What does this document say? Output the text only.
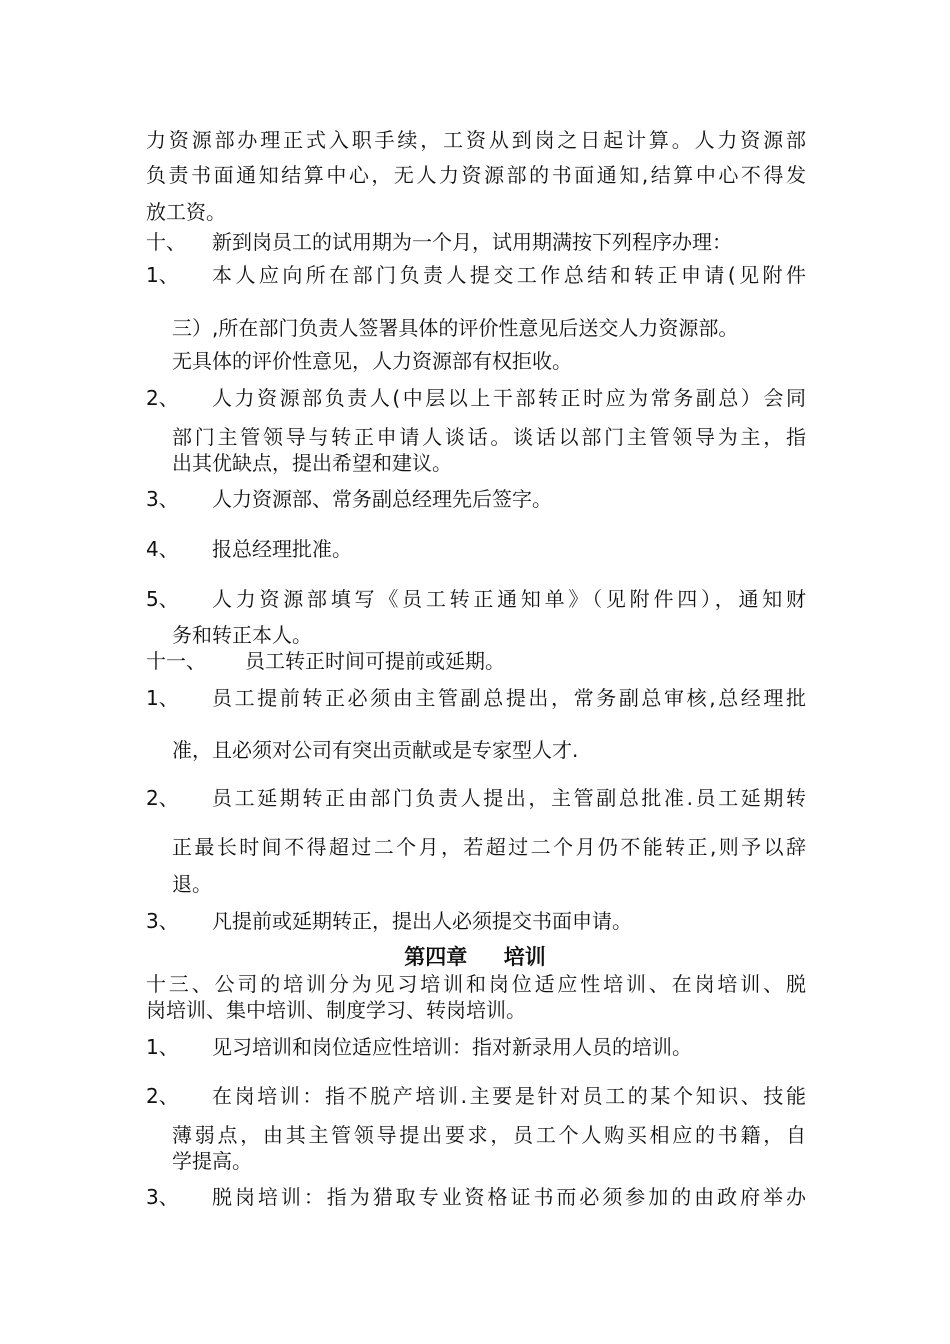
力资源部办理正式入职手续，工资从到岗之日起计算。人力资源部
负责书面通知结算中心，无人力资源部的书面通知,结算中心不得发
放工资。
十、 新到岗员工的试用期为一个月，试用期满按下列程序办理：
1、 本人应向所在部门负责人提交工作总结和转正申请(见附件
三）,所在部门负责人签署具体的评价性意见后送交人力资源部。
无具体的评价性意见，人力资源部有权拒收。
2、 人力资源部负责人(中层以上干部转正时应为常务副总）会同
部门主管领导与转正申请人谈话。谈话以部门主管领导为主，指
出其优缺点，提出希望和建议。
3、 人力资源部、常务副总经理先后签字。
4、 报总经理批准。
5、 人力资源部填写《员工转正通知单》（见附件四），通知财
务和转正本人。
十一、 员工转正时间可提前或延期。
1、 员工提前转正必须由主管副总提出，常务副总审核,总经理批
准，且必须对公司有突出贡献或是专家型人才.
2、 员工延期转正由部门负责人提出，主管副总批准.员工延期转
正最长时间不得超过二个月，若超过二个月仍不能转正,则予以辞
退。
3、 凡提前或延期转正，提出人必须提交书面申请。
第四章     培训
十三、公司的培训分为见习培训和岗位适应性培训、在岗培训、脱
岗培训、集中培训、制度学习、转岗培训。
1、 见习培训和岗位适应性培训：指对新录用人员的培训。
2、 在岗培训：指不脱产培训.主要是针对员工的某个知识、技能
薄弱点，由其主管领导提出要求，员工个人购买相应的书籍，自
学提高。
3、 脱岗培训：指为猎取专业资格证书而必须参加的由政府举办
